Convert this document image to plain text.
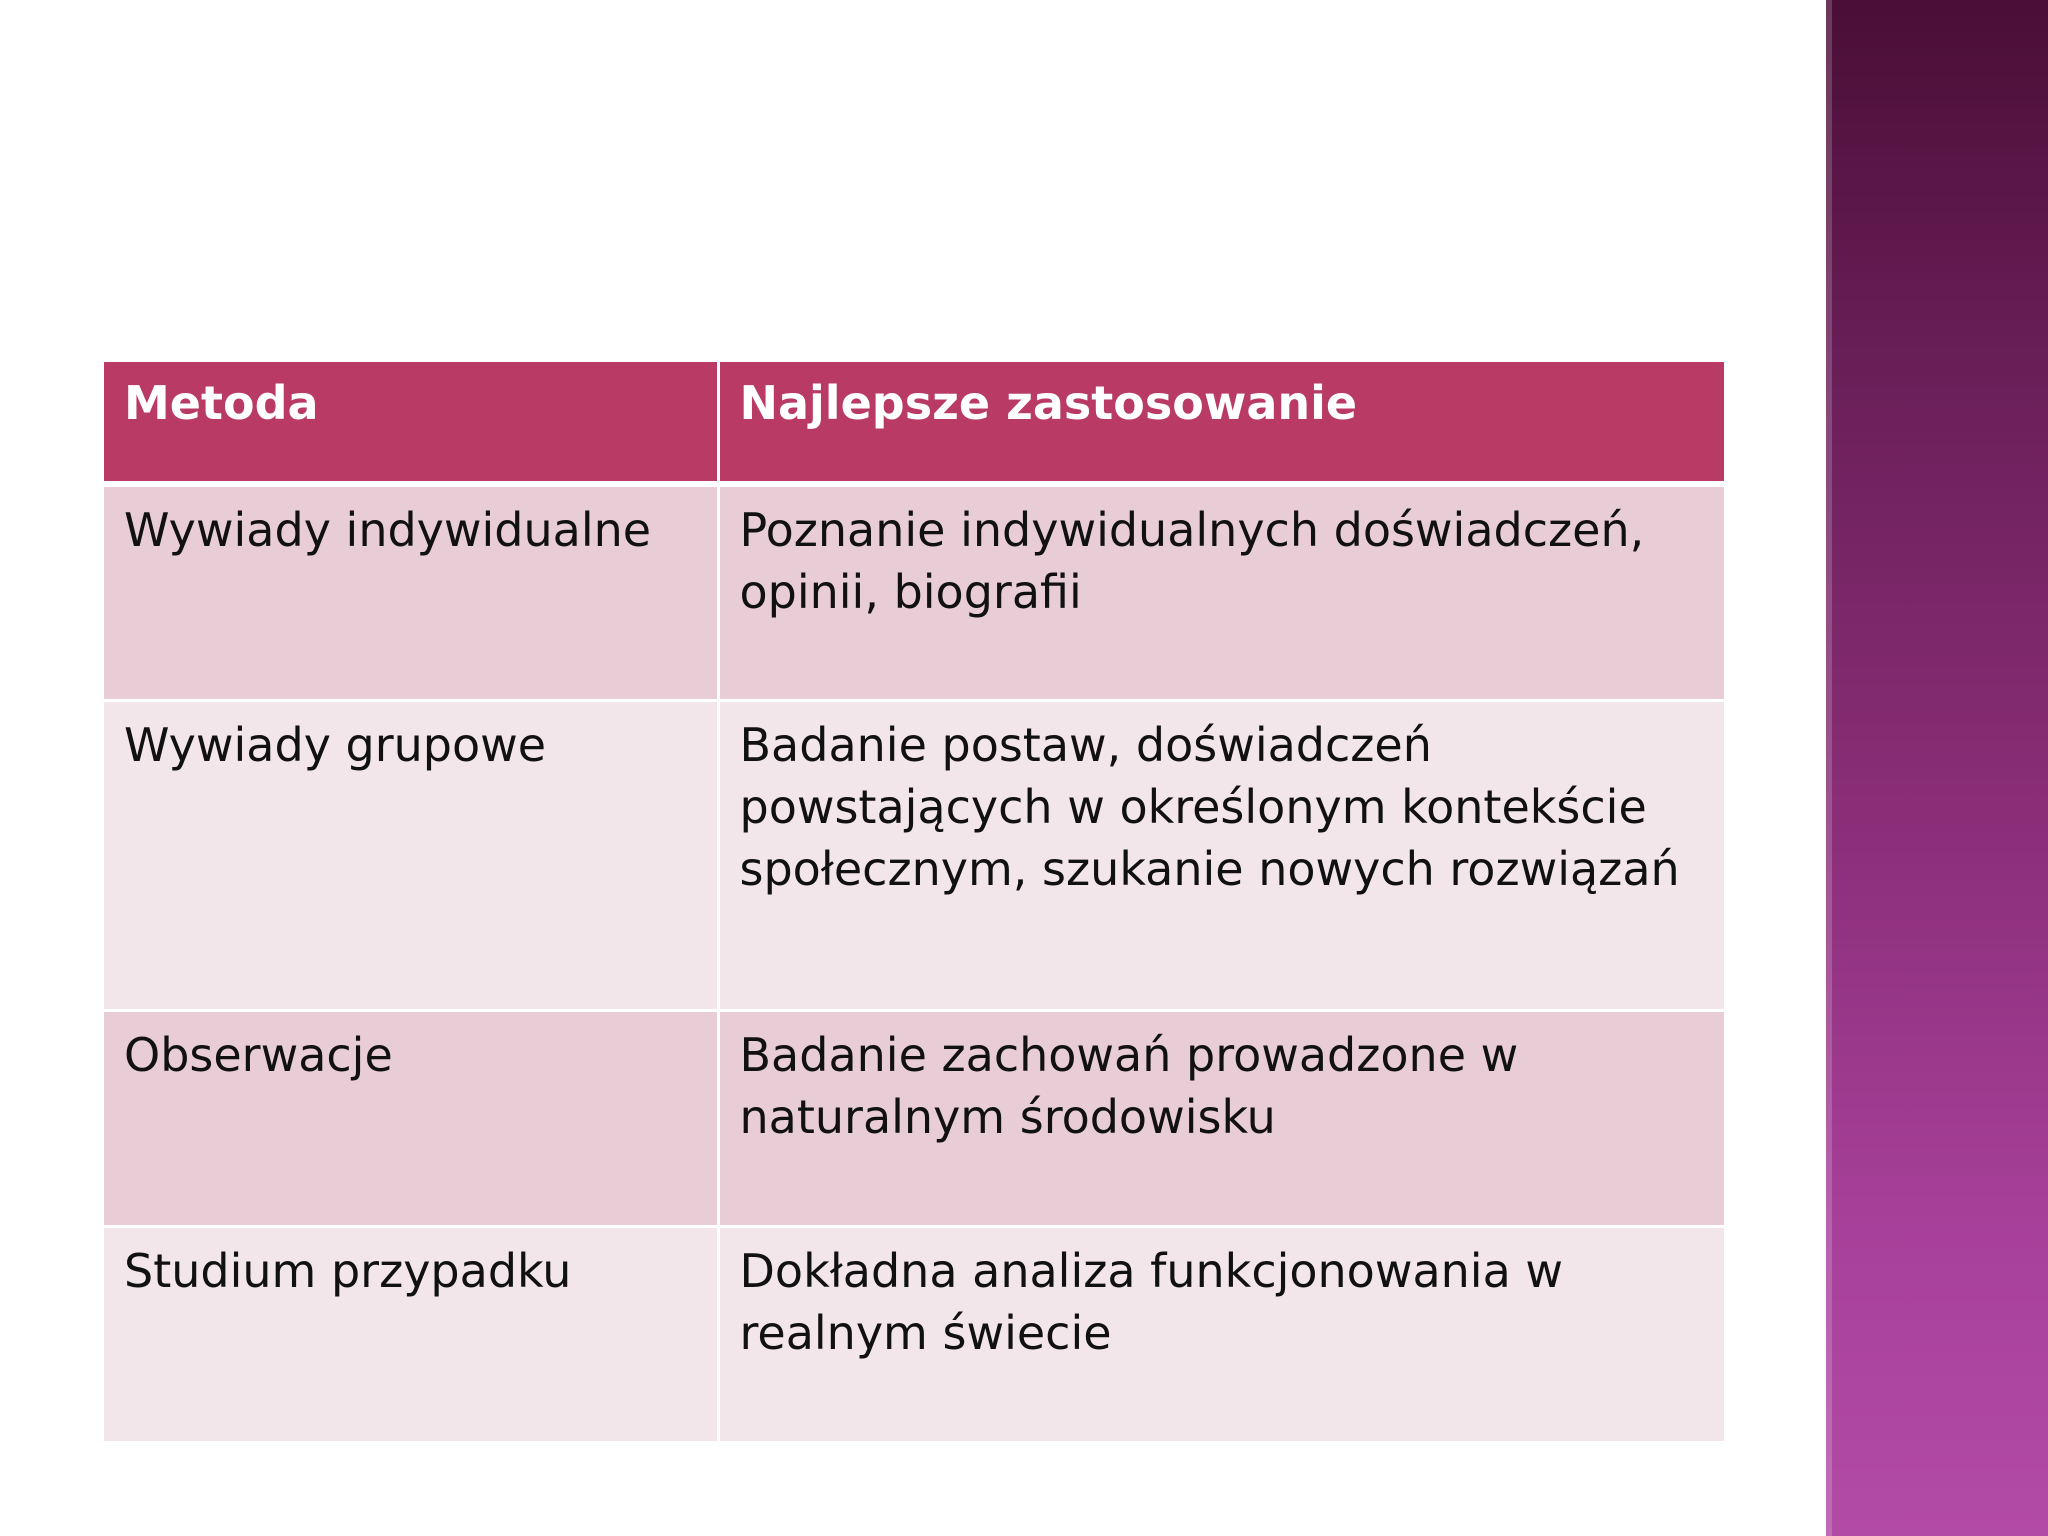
Metoda	Najlepsze zastosowanie
Wywiady indywidualne	Poznanie indywidualnych doświadczeń, opinii, biografii
Wywiady grupowe	Badanie postaw, doświadczeń powstających w określonym kontekście społecznym, szukanie nowych rozwiązań
Obserwacje	Badanie zachowań prowadzone w naturalnym środowisku
Studium przypadku	Dokładna analiza funkcjonowania w realnym świecie
